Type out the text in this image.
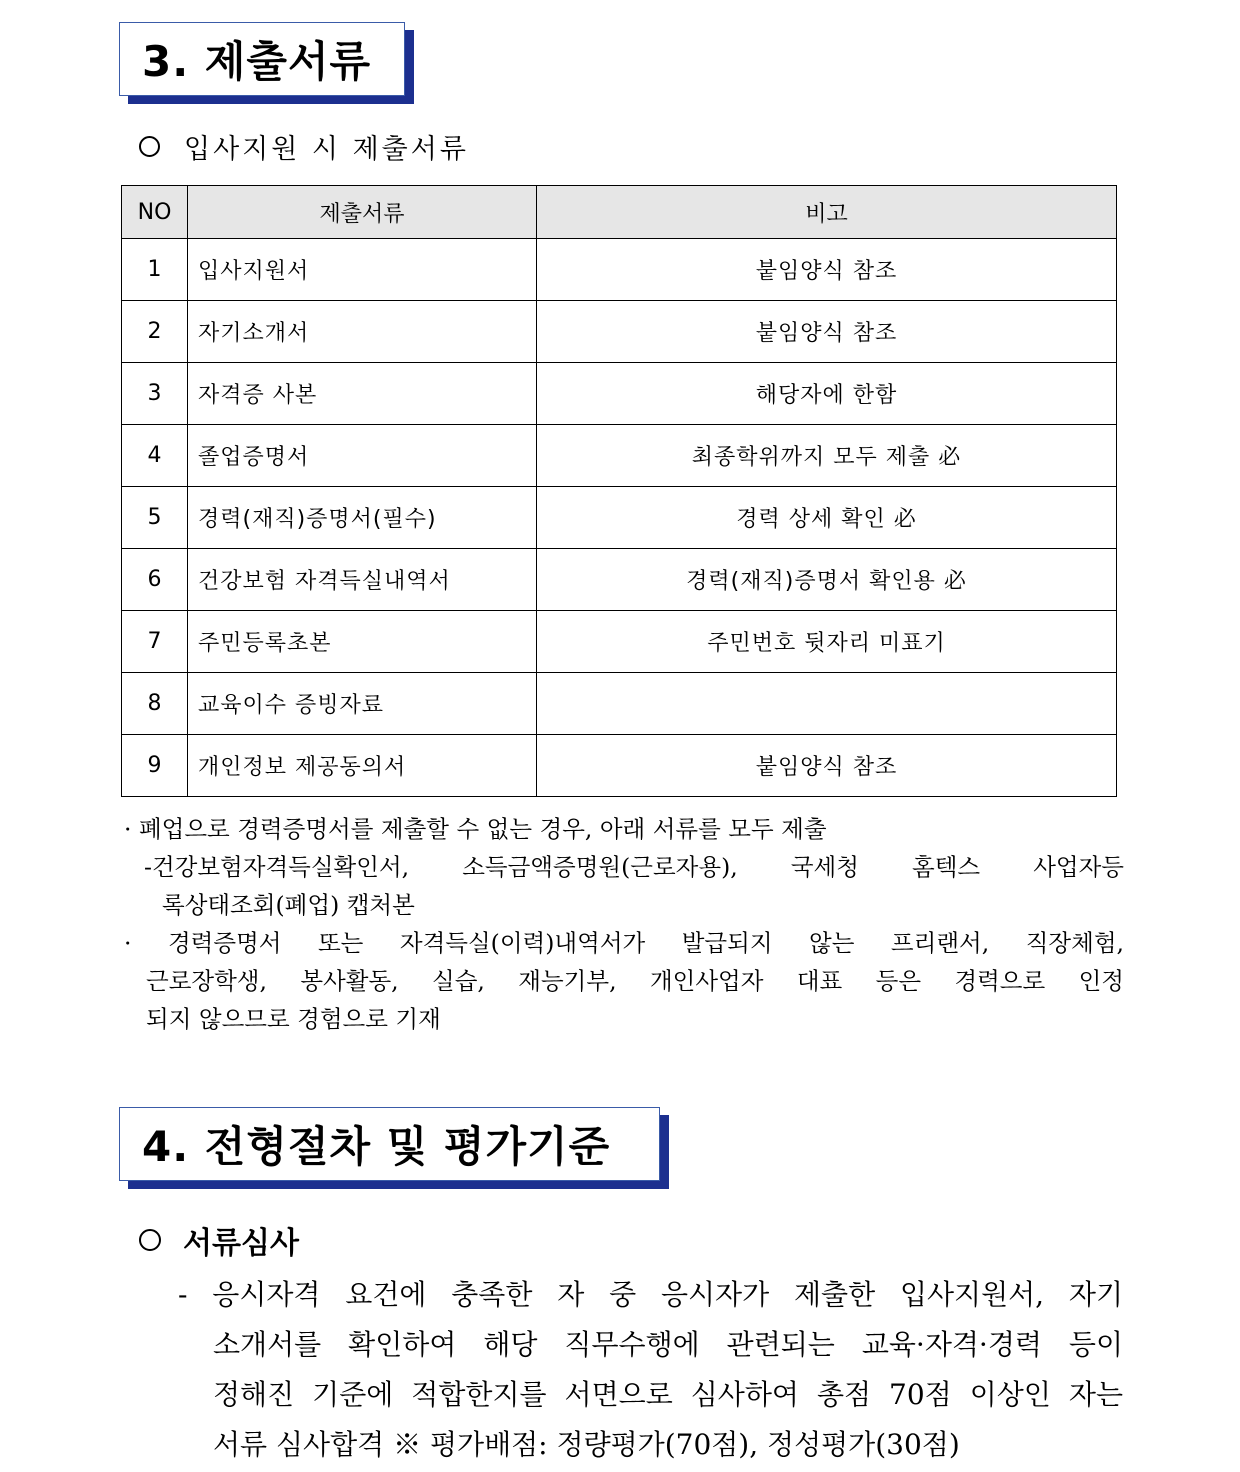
3. 제출서류
입사지원 시 제출서류
NO	제출서류	비고
1	입사지원서	붙임양식 참조
2	자기소개서	붙임양식 참조
3	자격증 사본	해당자에 한함
4	졸업증명서	최종학위까지 모두 제출 必
5	경력(재직)증명서(필수)	경력 상세 확인 必
6	건강보험 자격득실내역서	경력(재직)증명서 확인용 必
7	주민등록초본	주민번호 뒷자리 미표기
8	교육이수 증빙자료	
9	개인정보 제공동의서	붙임양식 참조
· 폐업으로 경력증명서를 제출할 수 없는 경우, 아래 서류를 모두 제출
-건강보험자격득실확인서, 소득금액증명원(근로자용), 국세청 홈텍스 사업자등
록상태조회(폐업) 캡처본
· 경력증명서 또는 자격득실(이력)내역서가 발급되지 않는 프리랜서, 직장체험,
근로장학생, 봉사활동, 실습, 재능기부, 개인사업자 대표 등은 경력으로 인정
되지 않으므로 경험으로 기재
4. 전형절차 및 평가기준
서류심사
- 응시자격 요건에 충족한 자 중 응시자가 제출한 입사지원서, 자기
소개서를 확인하여 해당 직무수행에 관련되는 교육·자격·경력 등이
정해진 기준에 적합한지를 서면으로 심사하여 총점 70점 이상인 자는
서류 심사합격 ※ 평가배점: 정량평가(70점), 정성평가(30점)
